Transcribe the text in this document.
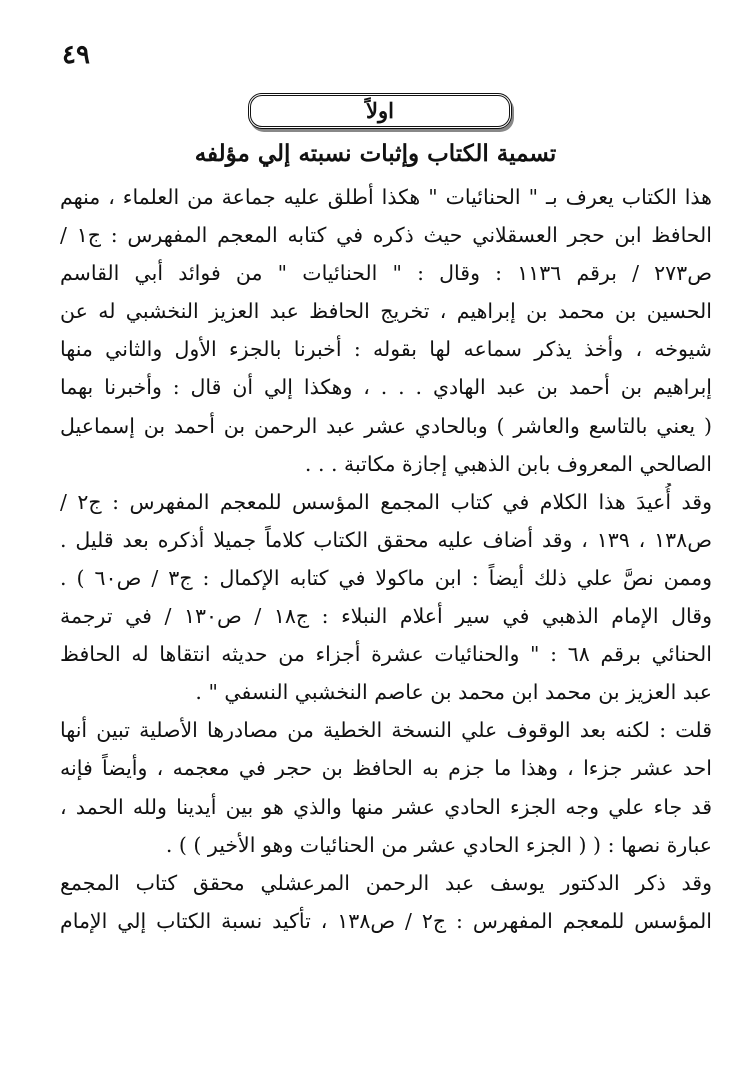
٤٩
اولاً
تسمية الكتاب وإثبات نسبته إلي مؤلفه
هذا الكتاب يعرف بـ " الحنائيات " هكذا أطلق عليه جماعة من العلماء ، منهم
الحافظ ابن حجر العسقلاني حيث ذكره في كتابه المعجم المفهرس : ج١ /
ص٢٧٣ / برقم ١١٣٦ : وقال : " الحنائيات " من فوائد أبي القاسم
الحسين بن محمد بن إبراهيم ، تخريج الحافظ عبد العزيز النخشبي له عن
شيوخه ، وأخذ يذكر سماعه لها بقوله : أخبرنا بالجزء الأول والثاني منها
إبراهيم بن أحمد بن عبد الهادي . . . ، وهكذا إلي أن قال : وأخبرنا بهما
( يعني بالتاسع والعاشر ) وبالحادي عشر عبد الرحمن بن أحمد بن إسماعيل
الصالحي المعروف بابن الذهبي إجازة مكاتبة . . .
وقد أُعيدَ هذا الكلام في كتاب المجمع المؤسس للمعجم المفهرس : ج٢ /
ص١٣٨ ، ١٣٩ ، وقد أضاف عليه محقق الكتاب كلاماً جميلا أذكره بعد قليل .
وممن نصَّ علي ذلك أيضاً : ابن ماكولا في كتابه الإكمال : ج٣ / ص٦٠ ) .
وقال الإمام الذهبي في سير أعلام النبلاء : ج١٨ / ص١٣٠ / في ترجمة
الحنائي برقم ٦٨ : " والحنائيات عشرة أجزاء من حديثه انتقاها له الحافظ
عبد العزيز بن محمد ابن محمد بن عاصم النخشبي النسفي " .
قلت : لكنه بعد الوقوف علي النسخة الخطية من مصادرها الأصلية تبين أنها
احد عشر جزءا ، وهذا ما جزم به الحافظ بن حجر في معجمه ، وأيضاً فإنه
قد جاء علي وجه الجزء الحادي عشر منها والذي هو بين أيدينا ولله الحمد ،
عبارة نصها : ( ( الجزء الحادي عشر من الحنائيات وهو الأخير ) ) .
وقد ذكر الدكتور يوسف عبد الرحمن المرعشلي محقق كتاب المجمع
المؤسس للمعجم المفهرس : ج٢ / ص١٣٨ ، تأكيد نسبة الكتاب إلي الإمام
